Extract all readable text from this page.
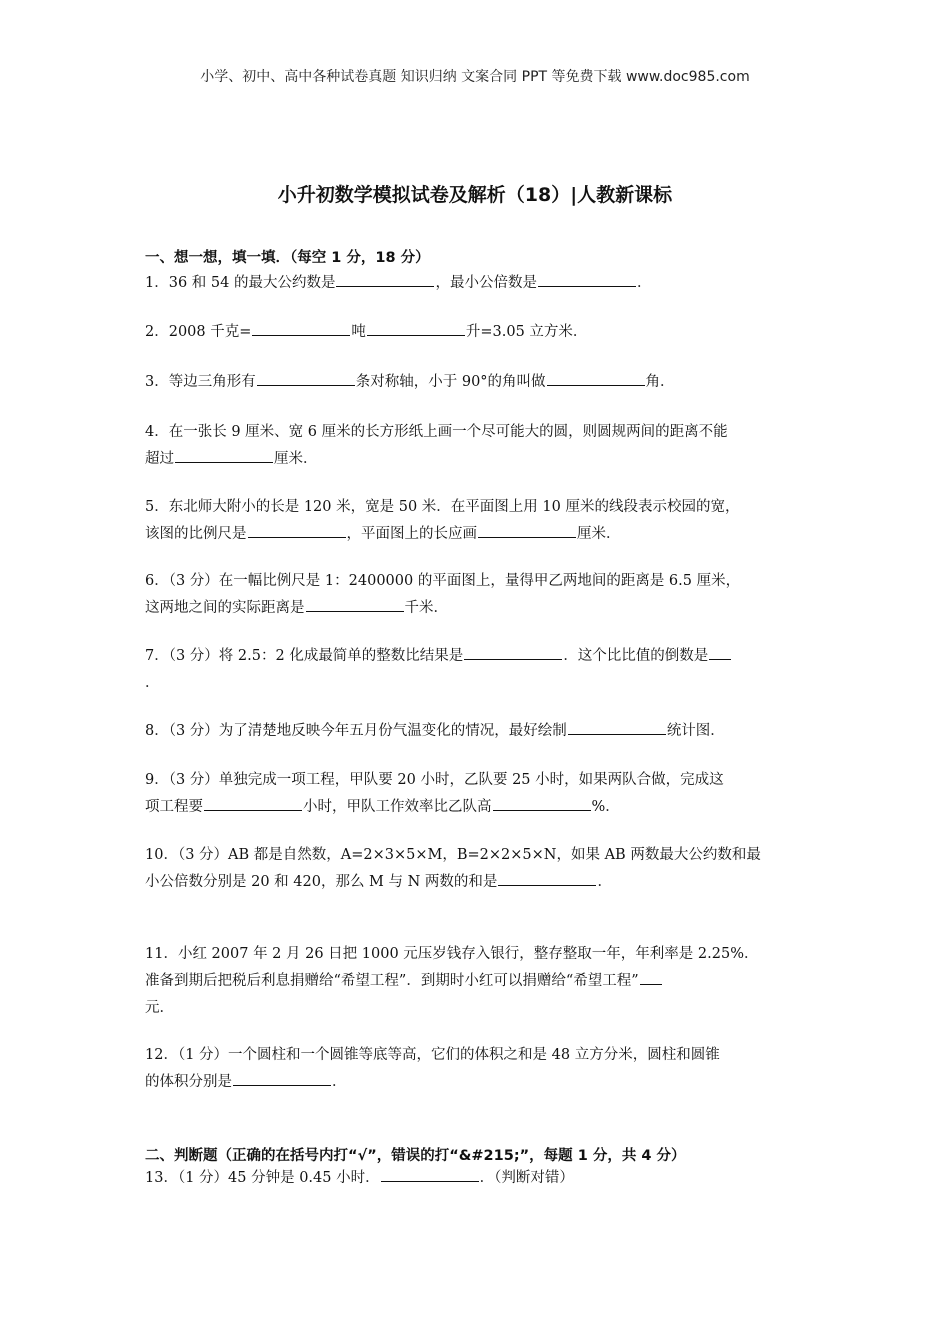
小学、初中、高中各种试卷真题 知识归纳 文案合同 PPT 等免费下载 www.doc985.com
小升初数学模拟试卷及解析（18）|人教新课标
一、想一想，填一填．（每空 1 分，18 分）
1．36 和 54 的最大公约数是	，最小公倍数是	．
2．2008 千克=	吨	升=3.05 立方米．
3．等边三角形有	条对称轴，小于 90°的角叫做	角．
4．在一张长 9 厘米、宽 6 厘米的长方形纸上画一个尽可能大的圆，则圆规两间的距离不能
超过	厘米．
5．东北师大附小的长是 120 米，宽是 50 米．在平面图上用 10 厘米的线段表示校园的宽，
该图的比例尺是	，平面图上的长应画	厘米．
6．（3 分）在一幅比例尺是 1：2400000 的平面图上，量得甲乙两地间的距离是 6.5 厘米，
这两地之间的实际距离是	千米．
7．（3 分）将 2.5：2 化成最简单的整数比结果是	．这个比比值的倒数是
．
8．（3 分）为了清楚地反映今年五月份气温变化的情况，最好绘制	统计图．
9．（3 分）单独完成一项工程，甲队要 20 小时，乙队要 25 小时，如果两队合做，完成这
项工程要	小时，甲队工作效率比乙队高	%．
10．（3 分）AB 都是自然数，A=2×3×5×M，B=2×2×5×N，如果 AB 两数最大公约数和最
小公倍数分别是 20 和 420，那么 M 与 N 两数的和是	．
11．小红 2007 年 2 月 26 日把 1000 元压岁钱存入银行，整存整取一年，年利率是 2.25%．
准备到期后把税后利息捐赠给“希望工程”．到期时小红可以捐赠给“希望工程”
元．
12．（1 分）一个圆柱和一个圆锥等底等高，它们的体积之和是 48 立方分米，圆柱和圆锥
的体积分别是	．
二、判断题（正确的在括号内打“√”，错误的打“&#215;”，每题 1 分，共 4 分）
13．（1 分）45 分钟是 0.45 小时．	．（判断对错）
